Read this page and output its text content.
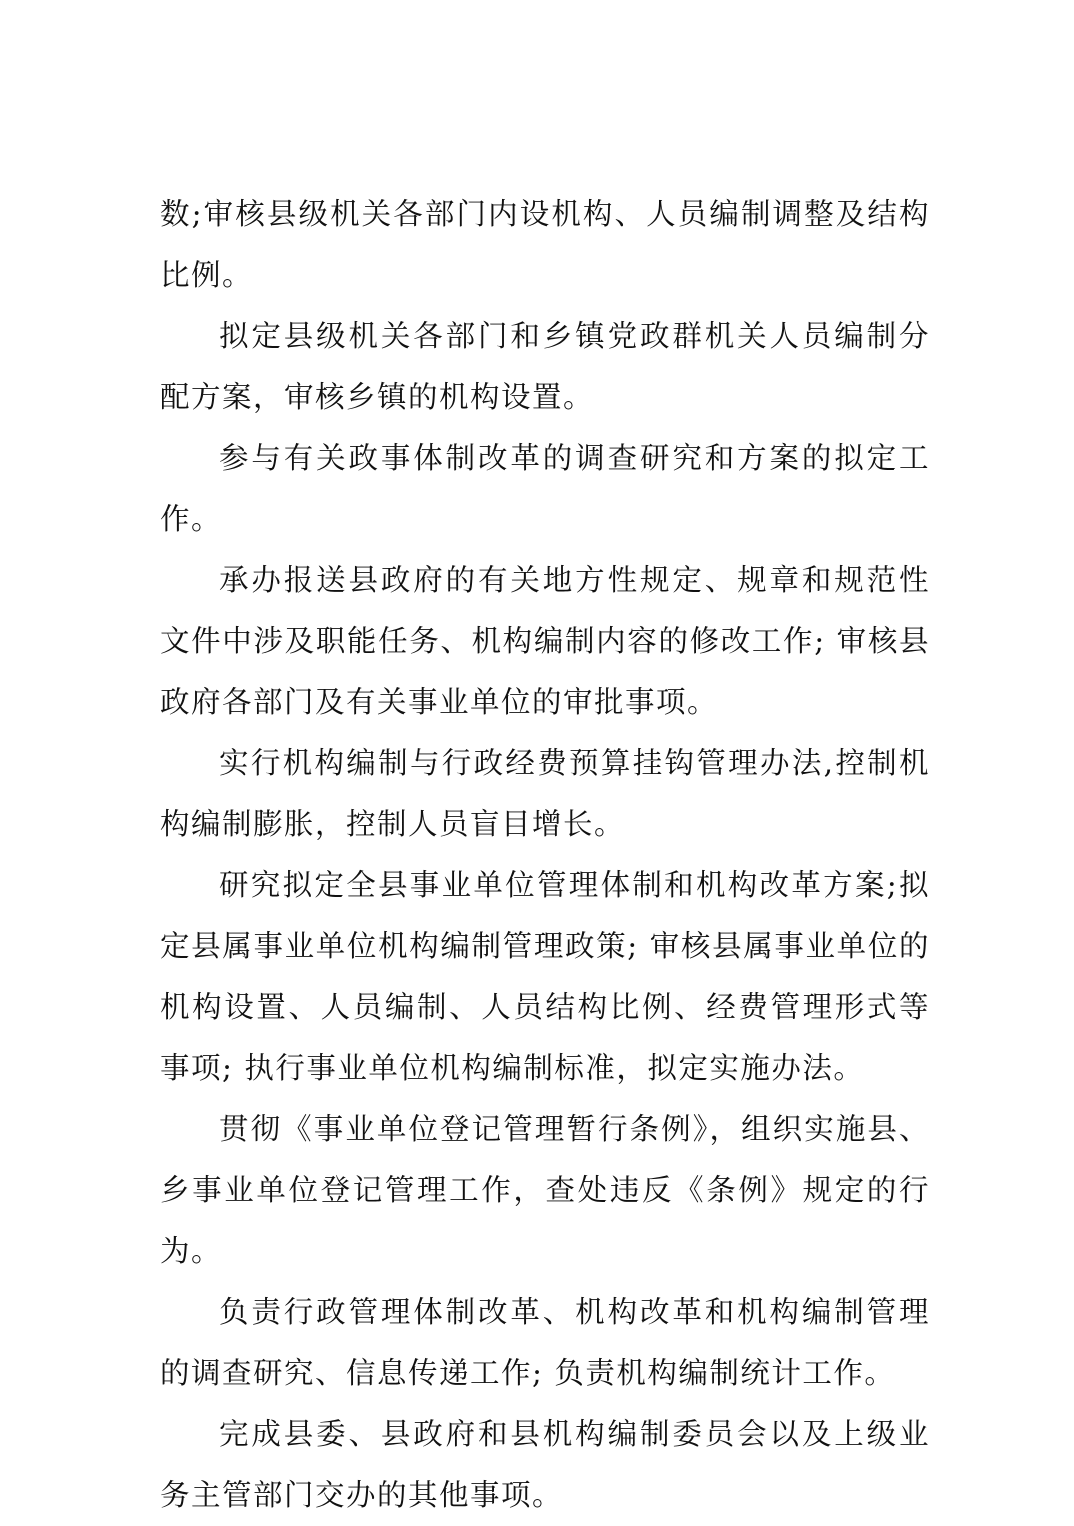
数;审核县级机关各部门内设机构、人员编制调整及结构比例。

拟定县级机关各部门和乡镇党政群机关人员编制分配方案，审核乡镇的机构设置。

参与有关政事体制改革的调查研究和方案的拟定工作。

承办报送县政府的有关地方性规定、规章和规范性文件中涉及职能任务、机构编制内容的修改工作; 审核县政府各部门及有关事业单位的审批事项。

实行机构编制与行政经费预算挂钩管理办法,控制机构编制膨胀，控制人员盲目增长。

研究拟定全县事业单位管理体制和机构改革方案;拟定县属事业单位机构编制管理政策; 审核县属事业单位的机构设置、人员编制、人员结构比例、经费管理形式等事项; 执行事业单位机构编制标准，拟定实施办法。

贯彻《事业单位登记管理暂行条例》，组织实施县、乡事业单位登记管理工作，查处违反《条例》规定的行为。

负责行政管理体制改革、机构改革和机构编制管理的调查研究、信息传递工作; 负责机构编制统计工作。

完成县委、县政府和县机构编制委员会以及上级业务主管部门交办的其他事项。
